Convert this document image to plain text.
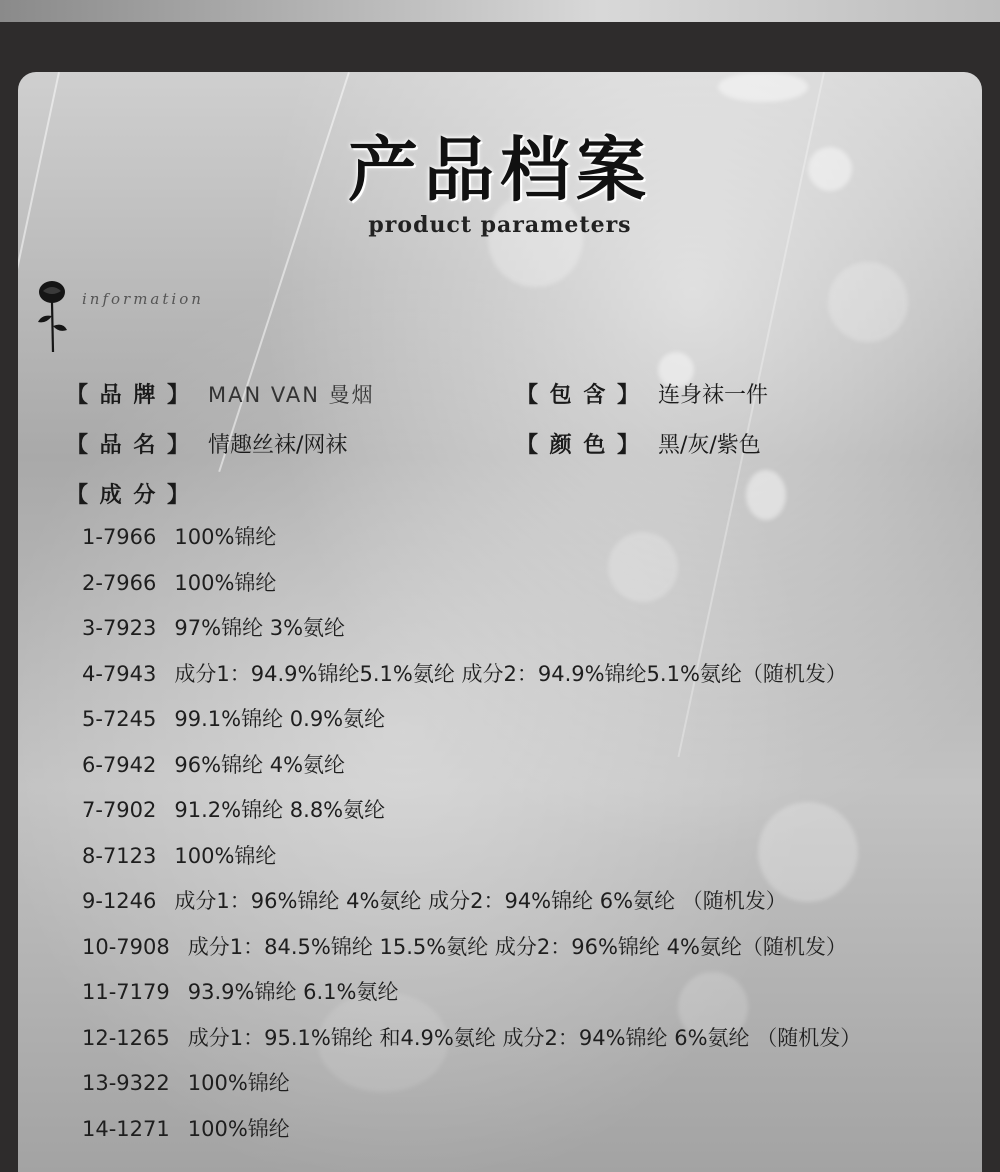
产品档案
product parameters
information
【 品 牌 】 MAN VAN 曼烟	【 包 含 】 连身袜一件
【 品 名 】 情趣丝袜/网袜	【 颜 色 】 黑/灰/紫色
【 成 分 】
1-7966 100%锦纶
2-7966 100%锦纶
3-7923 97%锦纶 3%氨纶
4-7943 成分1：94.9%锦纶5.1%氨纶 成分2：94.9%锦纶5.1%氨纶（随机发）
5-7245 99.1%锦纶 0.9%氨纶
6-7942 96%锦纶 4%氨纶
7-7902 91.2%锦纶 8.8%氨纶
8-7123 100%锦纶
9-1246 成分1：96%锦纶 4%氨纶 成分2：94%锦纶 6%氨纶 （随机发）
10-7908 成分1：84.5%锦纶 15.5%氨纶 成分2：96%锦纶 4%氨纶（随机发）
11-7179 93.9%锦纶 6.1%氨纶
12-1265 成分1：95.1%锦纶 和4.9%氨纶 成分2：94%锦纶 6%氨纶 （随机发）
13-9322 100%锦纶
14-1271 100%锦纶
